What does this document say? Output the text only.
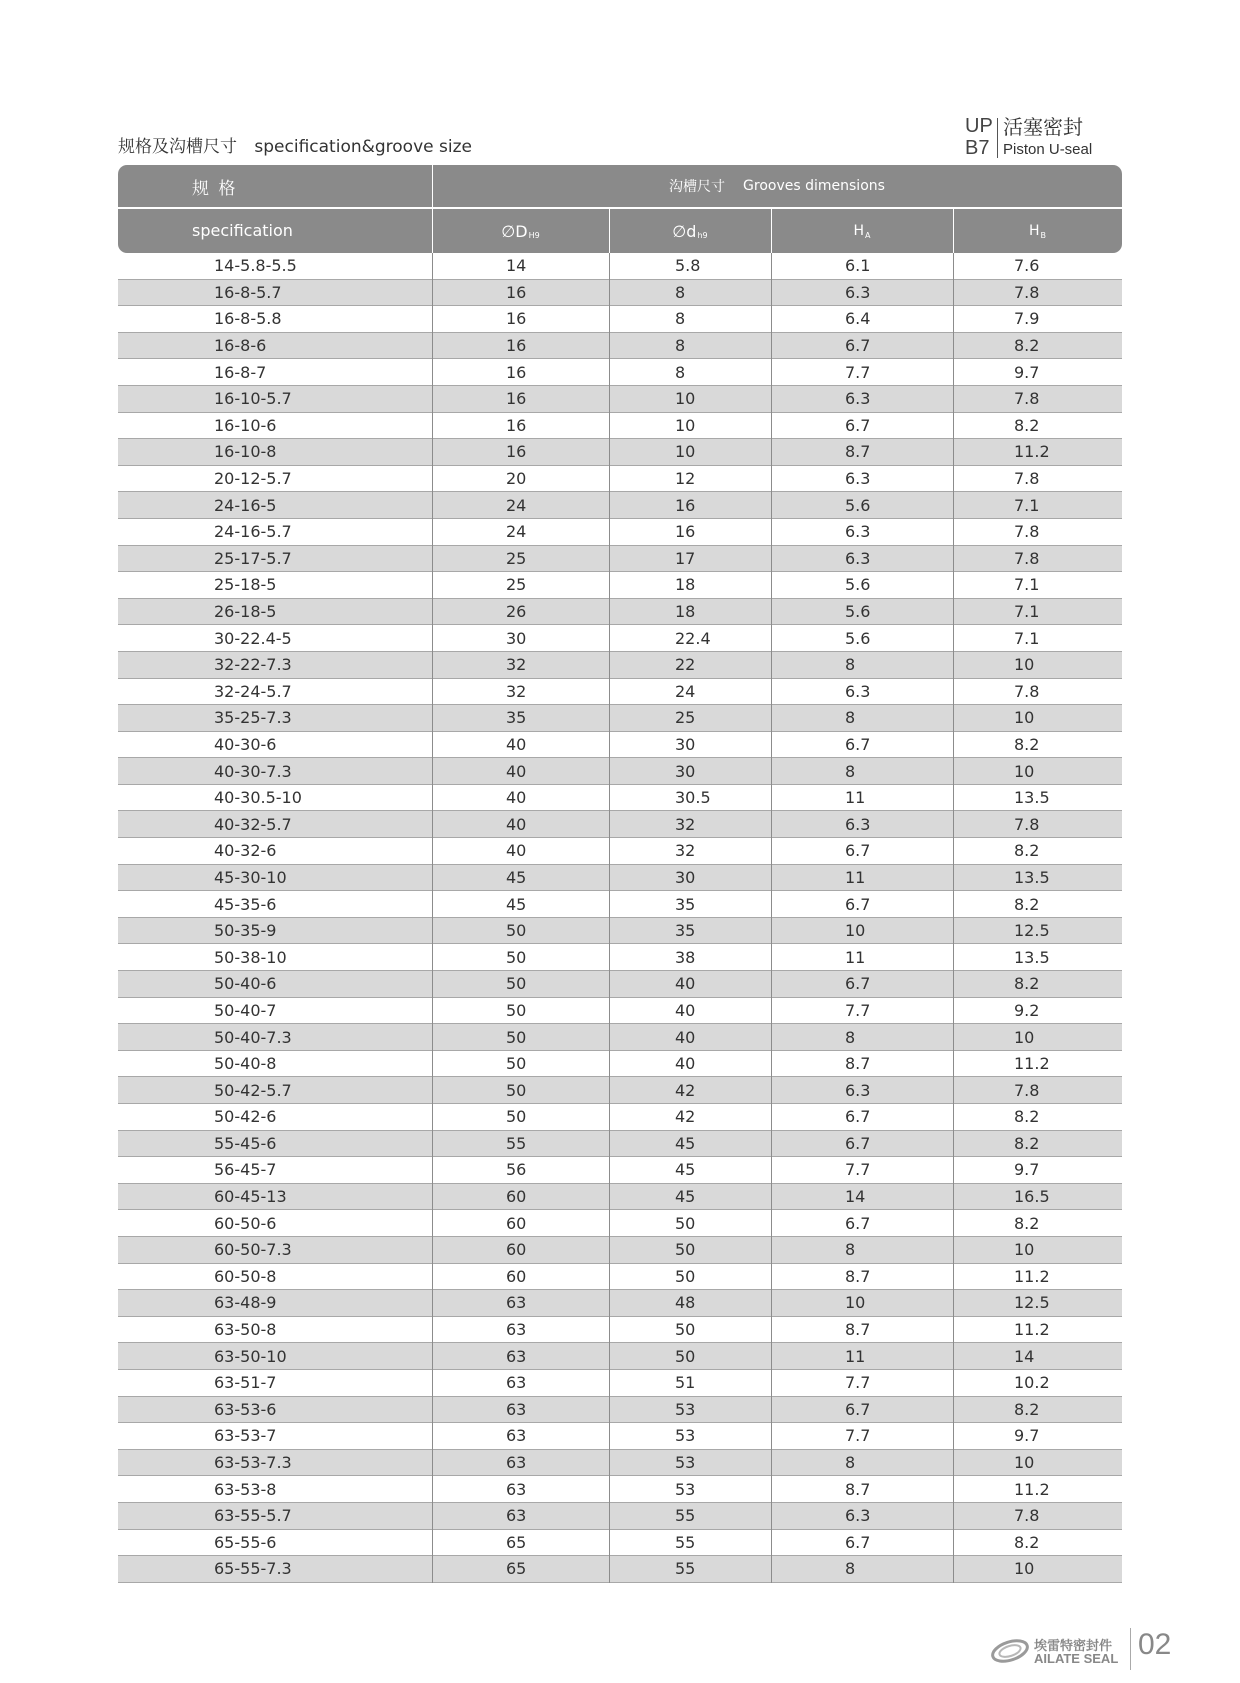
规格及沟槽尺寸 specification&groove size
UP
B7
活塞密封
Piston U-seal
规 格
specification
沟槽尺寸 Grooves dimensions
∅ D H9	∅ d h9	H A	H B
14-5.8-5.5	14	5.8	6.1	7.6
16-8-5.7	16	8	6.3	7.8
16-8-5.8	16	8	6.4	7.9
16-8-6	16	8	6.7	8.2
16-8-7	16	8	7.7	9.7
16-10-5.7	16	10	6.3	7.8
16-10-6	16	10	6.7	8.2
16-10-8	16	10	8.7	11.2
20-12-5.7	20	12	6.3	7.8
24-16-5	24	16	5.6	7.1
24-16-5.7	24	16	6.3	7.8
25-17-5.7	25	17	6.3	7.8
25-18-5	25	18	5.6	7.1
26-18-5	26	18	5.6	7.1
30-22.4-5	30	22.4	5.6	7.1
32-22-7.3	32	22	8	10
32-24-5.7	32	24	6.3	7.8
35-25-7.3	35	25	8	10
40-30-6	40	30	6.7	8.2
40-30-7.3	40	30	8	10
40-30.5-10	40	30.5	11	13.5
40-32-5.7	40	32	6.3	7.8
40-32-6	40	32	6.7	8.2
45-30-10	45	30	11	13.5
45-35-6	45	35	6.7	8.2
50-35-9	50	35	10	12.5
50-38-10	50	38	11	13.5
50-40-6	50	40	6.7	8.2
50-40-7	50	40	7.7	9.2
50-40-7.3	50	40	8	10
50-40-8	50	40	8.7	11.2
50-42-5.7	50	42	6.3	7.8
50-42-6	50	42	6.7	8.2
55-45-6	55	45	6.7	8.2
56-45-7	56	45	7.7	9.7
60-45-13	60	45	14	16.5
60-50-6	60	50	6.7	8.2
60-50-7.3	60	50	8	10
60-50-8	60	50	8.7	11.2
63-48-9	63	48	10	12.5
63-50-8	63	50	8.7	11.2
63-50-10	63	50	11	14
63-51-7	63	51	7.7	10.2
63-53-6	63	53	6.7	8.2
63-53-7	63	53	7.7	9.7
63-53-7.3	63	53	8	10
63-53-8	63	53	8.7	11.2
63-55-5.7	63	55	6.3	7.8
65-55-6	65	55	6.7	8.2
65-55-7.3	65	55	8	10
埃雷特密封件
AILATE SEAL 02
